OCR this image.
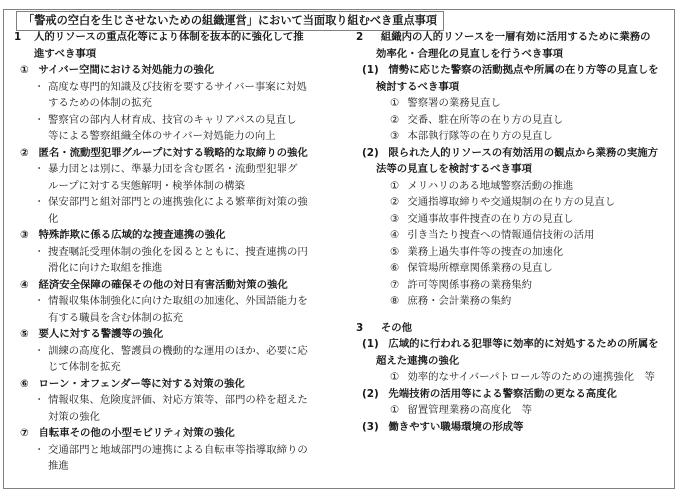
「警戒の空白を生じさせないための組織運営」において当面取り組むべき重点事項
1 人的リソースの重点化等により体制を抜本的に強化して推
進すべき事項
① サイバー空間における対処能力の強化
・ 高度な専門的知識及び技術を要するサイバー事案に対処
するための体制の拡充
・ 警察官の部内人材育成、技官のキャリアパスの見直し
等による警察組織全体のサイバー対処能力の向上
② 匿名・流動型犯罪グループに対する戦略的な取締りの強化
・ 暴力団とは別に、準暴力団を含む匿名・流動型犯罪グ
ループに対する実態解明・検挙体制の構築
・ 保安部門と組対部門との連携強化による繁華街対策の強
化
③ 特殊詐欺に係る広域的な捜査連携の強化
・ 捜査嘱託受理体制の強化を図るとともに、捜査連携の円
滑化に向けた取組を推進
④ 経済安全保障の確保その他の対日有害活動対策の強化
・ 情報収集体制強化に向けた取組の加速化、外国語能力を
有する職員を含む体制の拡充
⑤ 要人に対する警護等の強化
・ 訓練の高度化、警護員の機動的な運用のほか、必要に応
じて体制を拡充
⑥ ローン・オフェンダー等に対する対策の強化
・ 情報収集、危険度評価、対応方策等、部門の枠を超えた
対策の強化
⑦ 自転車その他の小型モビリティ対策の強化
・ 交通部門と地域部門の連携による自転車等指導取締りの
推進
2 組織内の人的リソースを一層有効に活用するために業務の
効率化・合理化の見直しを行うべき事項
(1) 情勢に応じた警察の活動拠点や所属の在り方等の見直しを
検討するべき事項
① 警察署の業務見直し
② 交番、駐在所等の在り方の見直し
③ 本部執行隊等の在り方の見直し
(2) 限られた人的リソースの有効活用の観点から業務の実施方
法等の見直しを検討するべき事項
① メリハリのある地域警察活動の推進
② 交通指導取締りや交通規制の在り方の見直し
③ 交通事故事件捜査の在り方の見直し
④ 引き当たり捜査への情報通信技術の活用
⑤ 業務上過失事件等の捜査の加速化
⑥ 保管場所標章関係業務の見直し
⑦ 許可等関係事務の業務集約
⑧ 庶務・会計業務の集約
3 その他
(1) 広域的に行われる犯罪等に効率的に対処するための所属を
超えた連携の強化
① 効率的なサイバーパトロール等のための連携強化　等
(2) 先端技術の活用等による警察活動の更なる高度化
① 留置管理業務の高度化　等
(3) 働きやすい職場環境の形成等
